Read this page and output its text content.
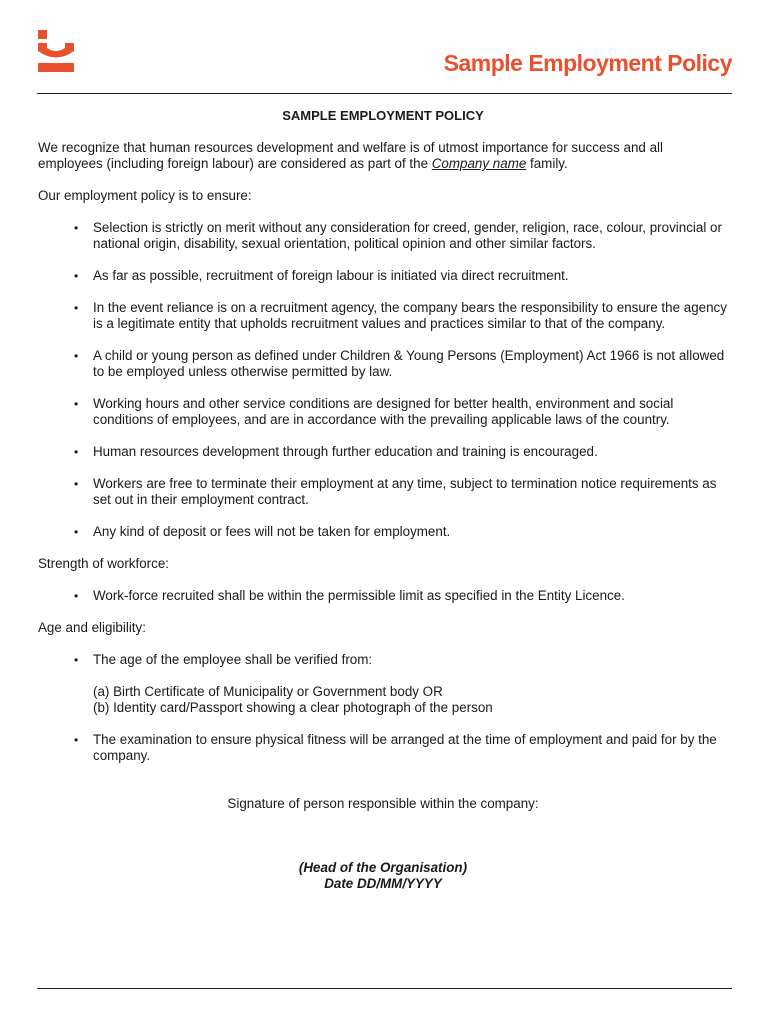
Sample Employment Policy
SAMPLE EMPLOYMENT POLICY

We recognize that human resources development and welfare is of utmost importance for success and all employees (including foreign labour) are considered as part of the Company name family.

Our employment policy is to ensure:

• Selection is strictly on merit without any consideration for creed, gender, religion, race, colour, provincial or national origin, disability, sexual orientation, political opinion and other similar factors.
• As far as possible, recruitment of foreign labour is initiated via direct recruitment.
• In the event reliance is on a recruitment agency, the company bears the responsibility to ensure the agency is a legitimate entity that upholds recruitment values and practices similar to that of the company.
• A child or young person as defined under Children & Young Persons (Employment) Act 1966 is not allowed to be employed unless otherwise permitted by law.
• Working hours and other service conditions are designed for better health, environment and social conditions of employees, and are in accordance with the prevailing applicable laws of the country.
• Human resources development through further education and training is encouraged.
• Workers are free to terminate their employment at any time, subject to termination notice requirements as set out in their employment contract.
• Any kind of deposit or fees will not be taken for employment.

Strength of workforce:

• Work-force recruited shall be within the permissible limit as specified in the Entity Licence.

Age and eligibility:

• The age of the employee shall be verified from:
(a) Birth Certificate of Municipality or Government body OR
(b) Identity card/Passport showing a clear photograph of the person
• The examination to ensure physical fitness will be arranged at the time of employment and paid for by the company.
Signature of person responsible within the company:
(Head of the Organisation)
Date DD/MM/YYYY
